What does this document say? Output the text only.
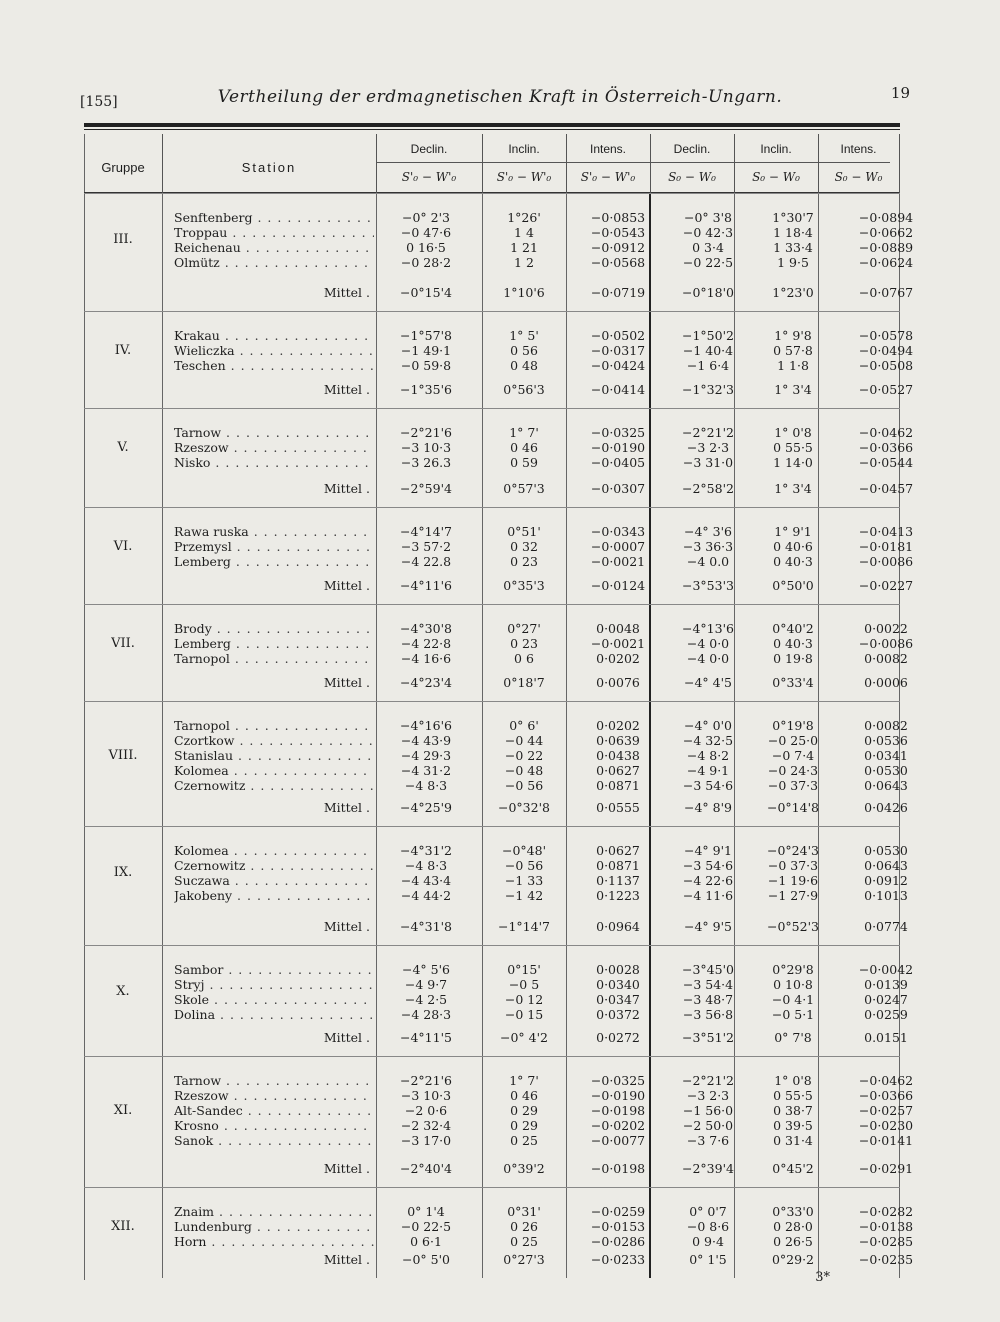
[155]	Vertheilung der erdmagnetischen Kraft in Österreich-Ungarn.	19
Gruppe	Station
Declin.	Inclin.	Intens.	Declin.	Inclin.	Intens.
S'₀ − W'₀	S'₀ − W'₀	S'₀ − W'₀	S₀ − W₀	S₀ − W₀	S₀ − W₀
III.
Senftenberg . . .	−0° 2'3	1°26'	−0·0853	−0° 3'8	1°30'7	−0·0894
Troppau . . .	−0 47·6	1 4	−0·0543	−0 42·3	1 18·4	−0·0662
Reichenau . . .	0 16·5	1 21	−0·0912	0 3·4	1 33·4	−0·0889
Olmütz . . .	−0 28·2	1 2	−0·0568	−0 22·5	1 9·5	−0·0624
Mittel .	−0°15'4	1°10'6	−0·0719	−0°18'0	1°23'0	−0·0767
IV.
Krakau . . .	−1°57'8	1° 5'	−0·0502	−1°50'2	1° 9'8	−0·0578
Wieliczka . . .	−1 49·1	0 56	−0·0317	−1 40·4	0 57·8	−0·0494
Teschen . . .	−0 59·8	0 48	−0·0424	−1 6·4	1 1·8	−0·0508
Mittel .	−1°35'6	0°56'3	−0·0414	−1°32'3	1° 3'4	−0·0527
V.
Tarnow . . .	−2°21'6	1° 7'	−0·0325	−2°21'2	1° 0'8	−0·0462
Rzeszow . . .	−3 10·3	0 46	−0·0190	−3 2·3	0 55·5	−0·0366
Nisko . . .	−3 26.3	0 59	−0·0405	−3 31·0	1 14·0	−0·0544
Mittel .	−2°59'4	0°57'3	−0·0307	−2°58'2	1° 3'4	−0·0457
VI.
Rawa ruska . . .	−4°14'7	0°51'	−0·0343	−4° 3'6	1° 9'1	−0·0413
Przemysl . . .	−3 57·2	0 32	−0·0007	−3 36·3	0 40·6	−0·0181
Lemberg . . .	−4 22.8	0 23	−0·0021	−4 0.0	0 40·3	−0·0086
Mittel .	−4°11'6	0°35'3	−0·0124	−3°53'3	0°50'0	−0·0227
VII.
Brody . . .	−4°30'8	0°27'	0·0048	−4°13'6	0°40'2	0·0022
Lemberg . . .	−4 22·8	0 23	−0·0021	−4 0·0	0 40·3	−0·0086
Tarnopol . . .	−4 16·6	0 6	0·0202	−4 0·0	0 19·8	0·0082
Mittel .	−4°23'4	0°18'7	0·0076	−4° 4'5	0°33'4	0·0006
VIII.
Tarnopol . . .	−4°16'6	0° 6'	0·0202	−4° 0'0	0°19'8	0·0082
Czortkow . . .	−4 43·9	−0 44	0·0639	−4 32·5	−0 25·0	0·0536
Stanislau . . .	−4 29·3	−0 22	0·0438	−4 8·2	−0 7·4	0·0341
Kolomea . . .	−4 31·2	−0 48	0·0627	−4 9·1	−0 24·3	0·0530
Czernowitz . . .	−4 8·3	−0 56	0·0871	−3 54·6	−0 37·3	0·0643
Mittel .	−4°25'9	−0°32'8	0·0555	−4° 8'9	−0°14'8	0·0426
IX.
Kolomea . . .	−4°31'2	−0°48'	0·0627	−4° 9'1	−0°24'3	0·0530
Czernowitz . . .	−4 8·3	−0 56	0·0871	−3 54·6	−0 37·3	0·0643
Suczawa . . .	−4 43·4	−1 33	0·1137	−4 22·6	−1 19·6	0·0912
Jakobeny . . .	−4 44·2	−1 42	0·1223	−4 11·6	−1 27·9	0·1013
Mittel .	−4°31'8	−1°14'7	0·0964	−4° 9'5	−0°52'3	0·0774
X.
Sambor . . .	−4° 5'6	0°15'	0·0028	−3°45'0	0°29'8	−0·0042
Stryj . . .	−4 9·7	−0 5	0·0340	−3 54·4	0 10·8	0·0139
Skole . . .	−4 2·5	−0 12	0·0347	−3 48·7	−0 4·1	0·0247
Dolina . . .	−4 28·3	−0 15	0·0372	−3 56·8	−0 5·1	0·0259
Mittel .	−4°11'5	−0° 4'2	0·0272	−3°51'2	0° 7'8	0.0151
XI.
Tarnow . . .	−2°21'6	1° 7'	−0·0325	−2°21'2	1° 0'8	−0·0462
Rzeszow . . .	−3 10·3	0 46	−0·0190	−3 2·3	0 55·5	−0·0366
Alt-Sandec . . .	−2 0·6	0 29	−0·0198	−1 56·0	0 38·7	−0·0257
Krosno . . .	−2 32·4	0 29	−0·0202	−2 50·0	0 39·5	−0·0230
Sanok . . .	−3 17·0	0 25	−0·0077	−3 7·6	0 31·4	−0·0141
Mittel .	−2°40'4	0°39'2	−0·0198	−2°39'4	0°45'2	−0·0291
XII.
Znaim . . .	0° 1'4	0°31'	−0·0259	0° 0'7	0°33'0	−0·0282
Lundenburg . . .	−0 22·5	0 26	−0·0153	−0 8·6	0 28·0	−0·0138
Horn . . .	0 6·1	0 25	−0·0286	0 9·4	0 26·5	−0·0285
Mittel .	−0° 5'0	0°27'3	−0·0233	0° 1'5	0°29·2	−0·0235
3*
